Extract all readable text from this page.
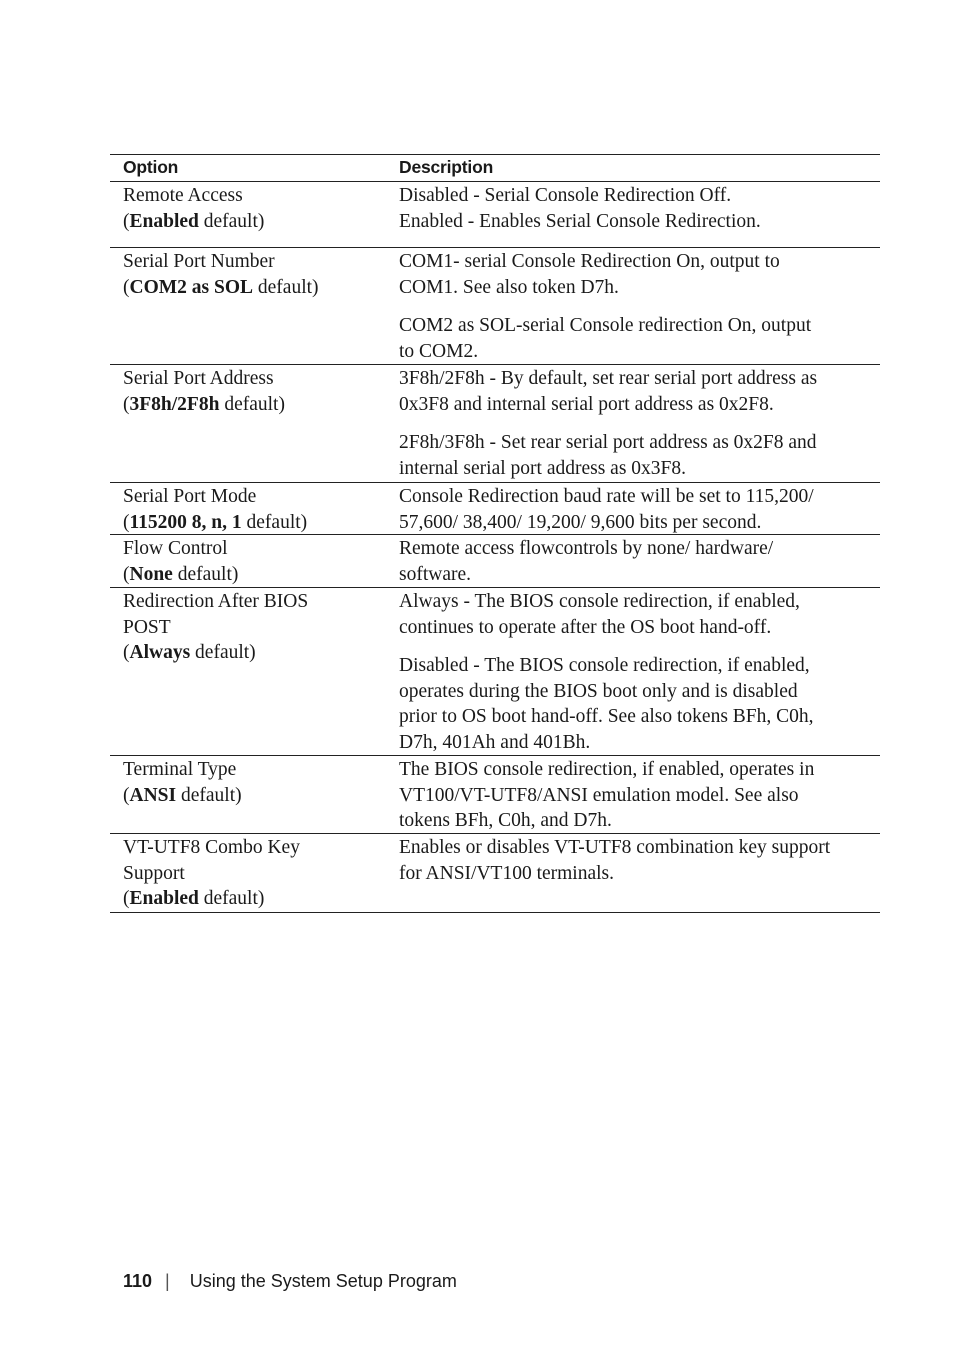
Option	Description
Remote Access
(Enabled default)
Disabled - Serial Console Redirection Off.
Enabled - Enables Serial Console Redirection.
Serial Port Number
(COM2 as SOL default)
COM1- serial Console Redirection On, output to
COM1. See also token D7h.
COM2 as SOL-serial Console redirection On, output
to COM2.
Serial Port Address
(3F8h/2F8h default)
3F8h/2F8h - By default, set rear serial port address as
0x3F8 and internal serial port address as 0x2F8.
2F8h/3F8h - Set rear serial port address as 0x2F8 and
internal serial port address as 0x3F8.
Serial Port Mode
(115200 8, n, 1 default)
Console Redirection baud rate will be set to 115,200/
57,600/ 38,400/ 19,200/ 9,600 bits per second.
Flow Control
(None default)
Remote access flowcontrols by none/ hardware/
software.
Redirection After BIOS
POST
(Always default)
Always - The BIOS console redirection, if enabled,
continues to operate after the OS boot hand-off.
Disabled - The BIOS console redirection, if enabled,
operates during the BIOS boot only and is disabled
prior to OS boot hand-off. See also tokens BFh, C0h,
D7h, 401Ah and 401Bh.
Terminal Type
(ANSI default)
The BIOS console redirection, if enabled, operates in
VT100/VT-UTF8/ANSI emulation model. See also
tokens BFh, C0h, and D7h.
VT-UTF8 Combo Key
Support
(Enabled default)
Enables or disables VT-UTF8 combination key support
for ANSI/VT100 terminals.
110 | Using the System Setup Program
